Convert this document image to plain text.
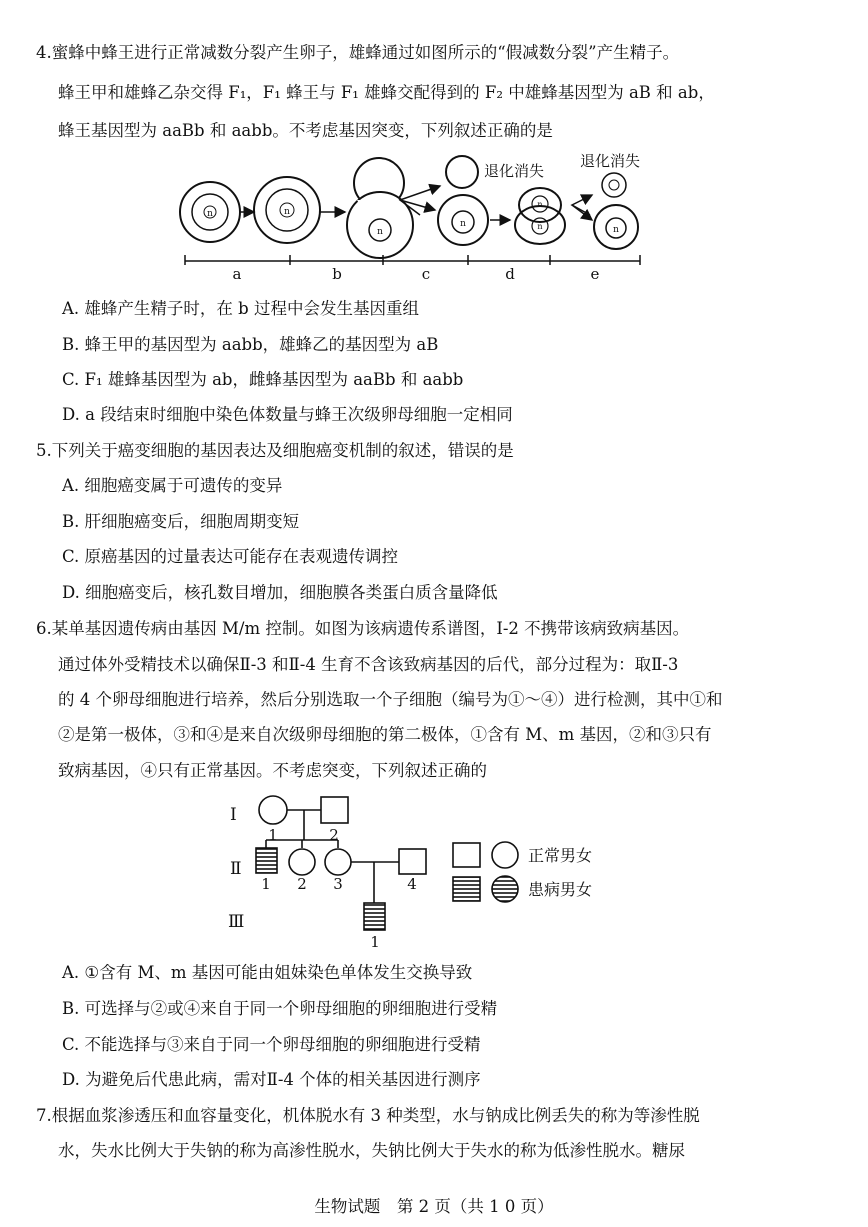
4.蜜蜂中蜂王进行正常减数分裂产生卵子，雄蜂通过如图所示的“假减数分裂”产生精子。
蜂王甲和雄蜂乙杂交得 F₁，F₁ 蜂王与 F₁ 雄蜂交配得到的 F₂ 中雄蜂基因型为 aB 和 ab，
蜂王基因型为 aaBb 和 aabb。不考虑基因突变，下列叙述正确的是
n	n
n
退化消失
n
n
n
退化消失
n
a	b	c	d	e
A. 雄蜂产生精子时，在 b 过程中会发生基因重组
B. 蜂王甲的基因型为 aabb，雄蜂乙的基因型为 aB
C. F₁ 雄蜂基因型为 ab，雌蜂基因型为 aaBb 和 aabb
D. a 段结束时细胞中染色体数量与蜂王次级卵母细胞一定相同
5.下列关于癌变细胞的基因表达及细胞癌变机制的叙述，错误的是
A. 细胞癌变属于可遗传的变异
B. 肝细胞癌变后，细胞周期变短
C. 原癌基因的过量表达可能存在表观遗传调控
D. 细胞癌变后，核孔数目增加，细胞膜各类蛋白质含量降低
6.某单基因遗传病由基因 M/m 控制。如图为该病遗传系谱图，Ⅰ-2 不携带该病致病基因。
通过体外受精技术以确保Ⅱ-3 和Ⅱ-4 生育不含该致病基因的后代，部分过程为：取Ⅱ-3
的 4 个卵母细胞进行培养，然后分别选取一个子细胞（编号为①～④）进行检测，其中①和
②是第一极体，③和④是来自次级卵母细胞的第二极体，①含有 M、m 基因，②和③只有
致病基因，④只有正常基因。不考虑突变，下列叙述正确的
Ⅰ
Ⅱ
Ⅲ
1	2
1 2 3	4
1
正常男女
患病男女
A. ①含有 M、m 基因可能由姐妹染色单体发生交换导致
B. 可选择与②或④来自于同一个卵母细胞的卵细胞进行受精
C. 不能选择与③来自于同一个卵母细胞的卵细胞进行受精
D. 为避免后代患此病，需对Ⅱ-4 个体的相关基因进行测序
7.根据血浆渗透压和血容量变化，机体脱水有 3 种类型，水与钠成比例丢失的称为等渗性脱
水，失水比例大于失钠的称为高渗性脱水，失钠比例大于失水的称为低渗性脱水。糖尿
生物试题　第 2 页（共 1 0 页）
